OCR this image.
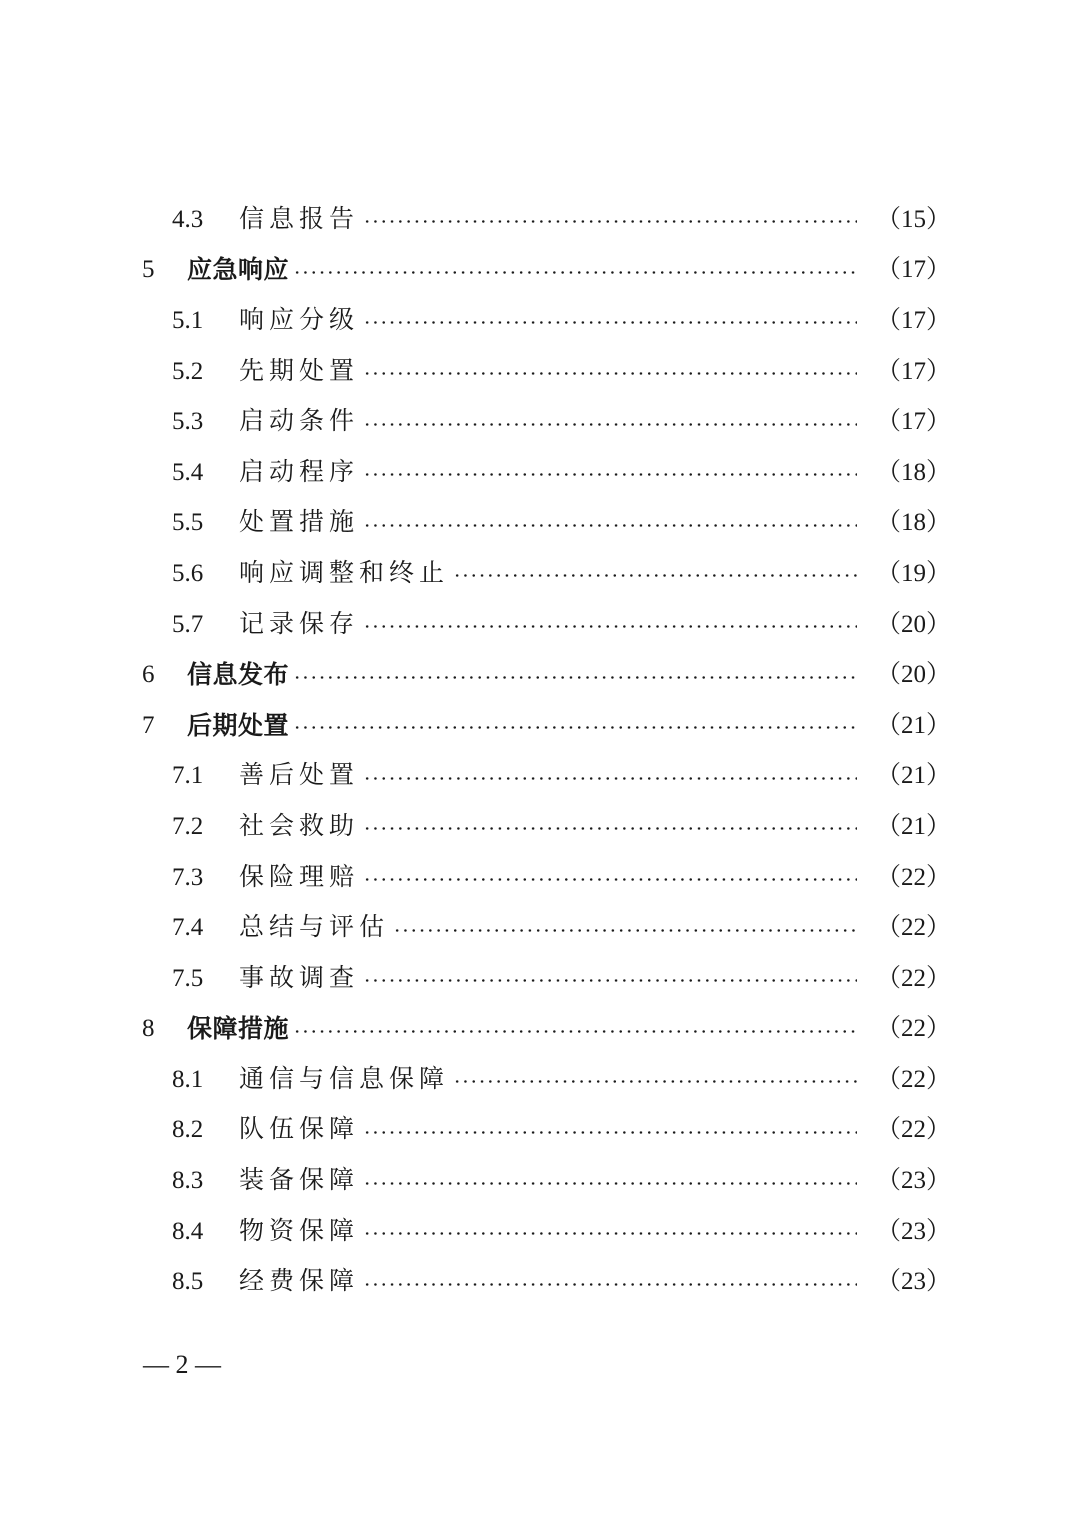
4.3 信息报告	（15）
5 应急响应	（17）
5.1 响应分级	（17）
5.2 先期处置	（17）
5.3 启动条件	（17）
5.4 启动程序	（18）
5.5 处置措施	（18）
5.6 响应调整和终止	（19）
5.7 记录保存	（20）
6 信息发布	（20）
7 后期处置	（21）
7.1 善后处置	（21）
7.2 社会救助	（21）
7.3 保险理赔	（22）
7.4 总结与评估	（22）
7.5 事故调查	（22）
8 保障措施	（22）
8.1 通信与信息保障	（22）
8.2 队伍保障	（22）
8.3 装备保障	（23）
8.4 物资保障	（23）
8.5 经费保障	（23）
— 2 —
